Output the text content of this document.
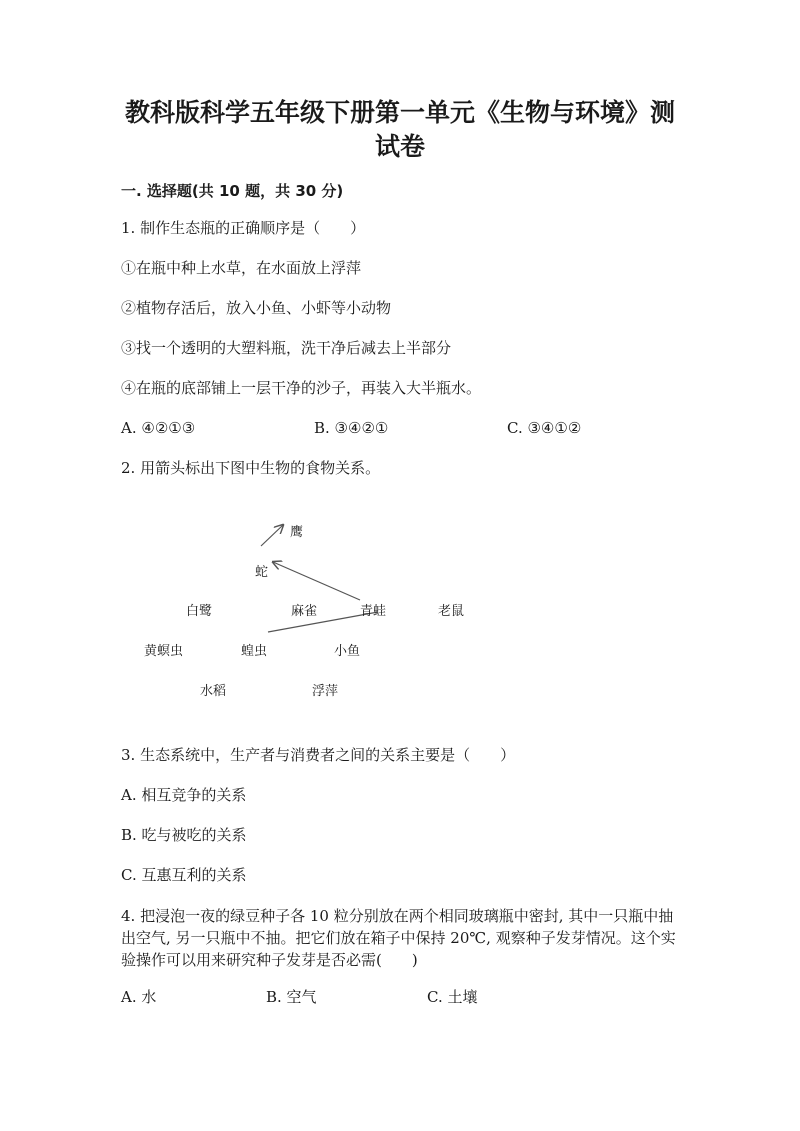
教科版科学五年级下册第一单元《生物与环境》测试卷
一. 选择题(共 10 题，共 30 分)
1. 制作生态瓶的正确顺序是（　　）
①在瓶中种上水草，在水面放上浮萍
②植物存活后，放入小鱼、小虾等小动物
③找一个透明的大塑料瓶，洗干净后减去上半部分
④在瓶的底部铺上一层干净的沙子，再装入大半瓶水。
A. ④②①③	B. ③④②①	C. ③④①②
2. 用箭头标出下图中生物的食物关系。
鹰
蛇
白鹭	麻雀	青蛙	老鼠
黄螟虫	蝗虫	小鱼
水稻	浮萍
3. 生态系统中，生产者与消费者之间的关系主要是（　　）
A. 相互竞争的关系
B. 吃与被吃的关系
C. 互惠互利的关系
4. 把浸泡一夜的绿豆种子各 10 粒分别放在两个相同玻璃瓶中密封, 其中一只瓶中抽出空气, 另一只瓶中不抽。把它们放在箱子中保持 20℃, 观察种子发芽情况。这个实验操作可以用来研究种子发芽是否必需(　　)
A. 水	B. 空气	C. 土壤
